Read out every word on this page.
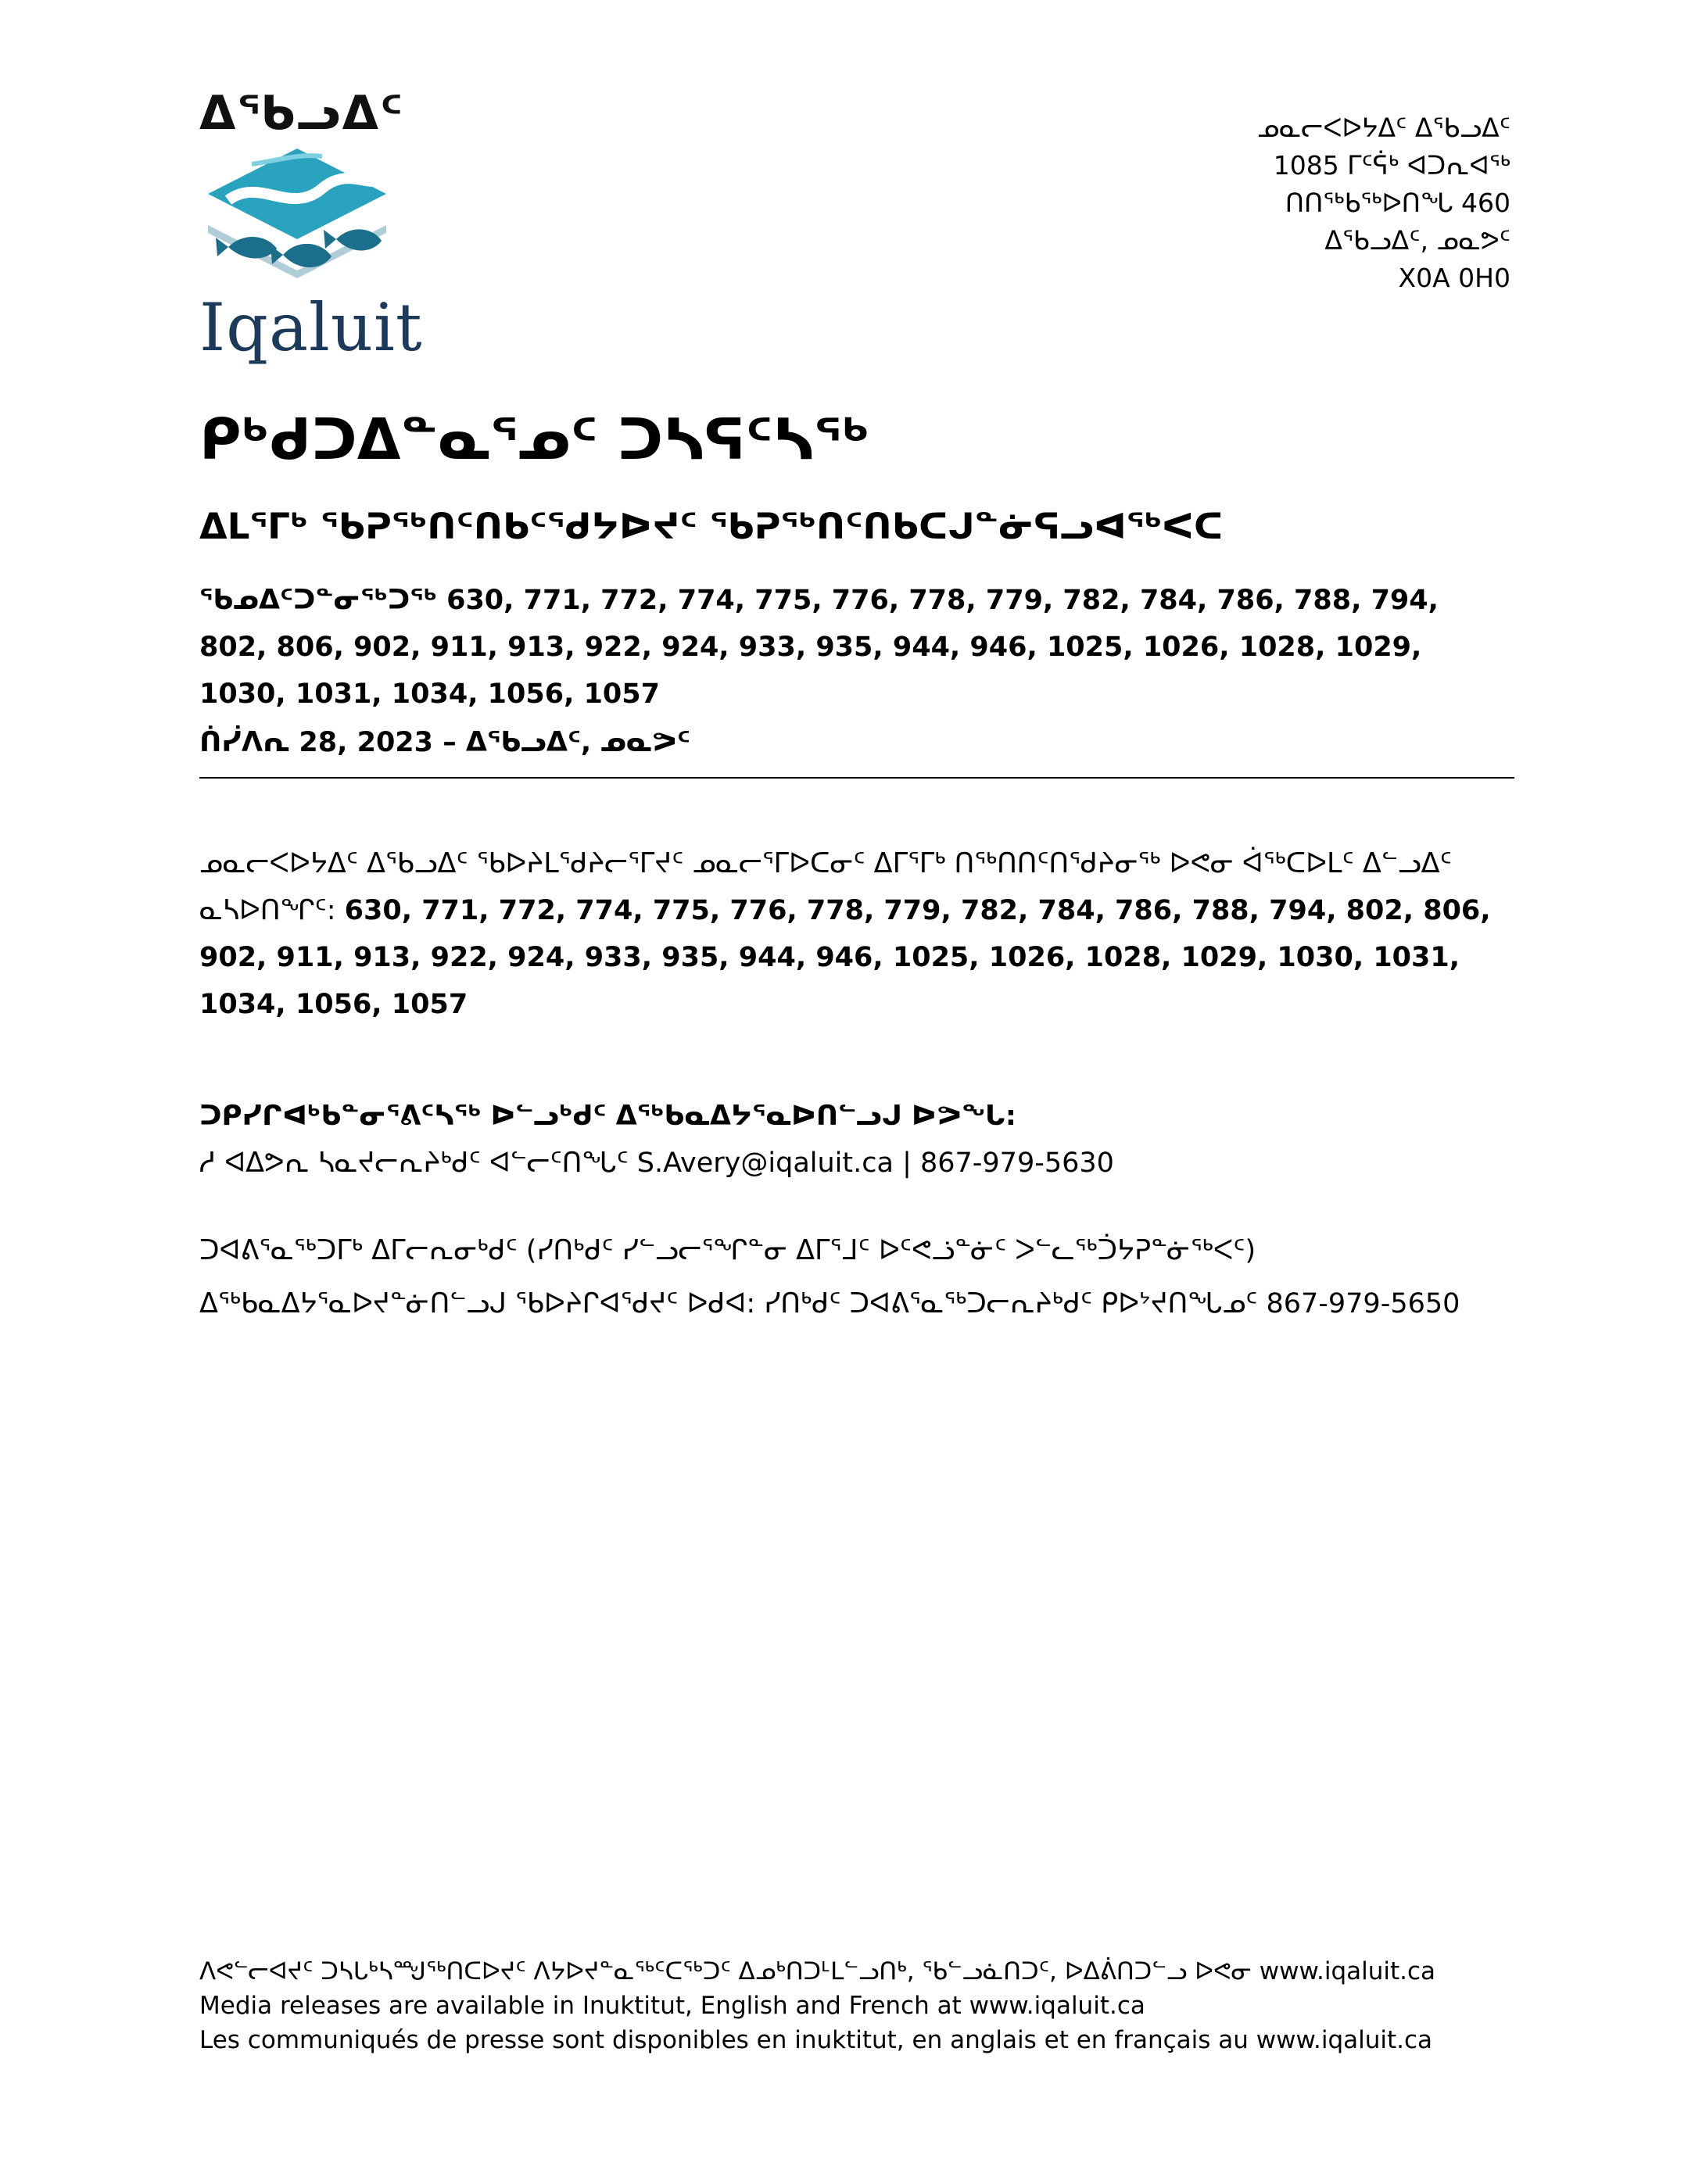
ᐃᖃᓗᐃᑦ
Iqaluit
ᓄᓇᓕᐸᐅᔭᐃᑦ ᐃᖃᓗᐃᑦ
1085 ᒥᑦᕌᒃ ᐊᑐᕆᐊᖅ
ᑎᑎᖅᑲᖅᐅᑎᖓ 460
ᐃᖃᓗᐃᑦ, ᓄᓇᕗᑦ
X0A 0H0
ᑭᒃᑯᑐᐃᓐᓇᕐᓄᑦ ᑐᓴᕋᑦᓴᖅ
ᐃᒪᕐᒥᒃ ᖃᕈᖅᑎᑦᑎᑲᑦᕐᑯᔭᐅᔪᑦ ᖃᕈᖅᑎᑦᑎᑲᑕᒍᓐᓃᕋᓗᐊᖅᐸᑕ
ᖃᓄᐃᑦᑐᓐᓂᖅᑐᖅ 630, 771, 772, 774, 775, 776, 778, 779, 782, 784, 786, 788, 794, 802, 806, 902, 911, 913, 922, 924, 933, 935, 944, 946, 1025, 1026, 1028, 1029, 1030, 1031, 1034, 1056, 1057
ᑏᓰᐱᕆ 28, 2023 – ᐃᖃᓗᐃᑦ, ᓄᓇᕗᑦ
ᓄᓇᓕᐸᐅᔭᐃᑦ ᐃᖃᓗᐃᑦ ᖃᐅᔨᒪᕐᑯᔨᓕᕐᒥᔪᑦ ᓄᓇᓕᕐᒥᐅᑕᓂᑦ ᐃᒥᕐᒥᒃ ᑎᖅᑎᑎᑦᑎᕐᑯᔨᓂᖅ ᐅᕙᓂ ᐋᖅᑕᐅᒪᑦ ᐃᓪᓗᐃᑦ ᓇᓴᐅᑎᖏᑦ: 630, 771, 772, 774, 775, 776, 778, 779, 782, 784, 786, 788, 794, 802, 806, 902, 911, 913, 922, 924, 933, 935, 944, 946, 1025, 1026, 1028, 1029, 1030, 1031, 1034, 1056, 1057
ᑐᑭᓯᒋᐊᒃᑲᓐᓂᕐᕕᑦᓴᖅ ᐅᓪᓗᒃᑯᑦ ᐃᖅᑲᓇᐃᔭᕐᓇᐅᑎᓪᓗᒍ ᐅᕗᖓ:
ᓱ ᐊᐃᕗᕆ ᓴᓇᔪᓕᕆᔨᒃᑯᑦ ᐊᓪᓕᑦᑎᖓᑦ S.Avery@iqaluit.ca | 867-979-5630
ᑐᐊᕕᕐᓇᖅᑐᒥᒃ ᐃᒥᓕᕆᓂᒃᑯᑦ (ᓯᑎᒃᑯᑦ ᓯᓪᓗᓕᕐᖏᓐᓂ ᐃᒥᕐᒧᑦ ᐅᑦᕙᓘᓐᓃᑦ ᐳᓪᓚᖅᑑᔭᕈᓐᓃᖅᐸᑦ)
ᐃᖅᑲᓇᐃᔭᕐᓇᐅᔪᓐᓃᑎᓪᓗᒍ ᖃᐅᔨᒋᐊᕐᑯᔪᑦ ᐅᑯᐊ: ᓯᑎᒃᑯᑦ ᑐᐊᕕᕐᓇᖅᑐᓕᕆᔨᒃᑯᑦ ᑭᐅᔾᔪᑎᖓᓄᑦ 867-979-5650
ᐱᕙᓪᓕᐊᔪᑦ ᑐᓴᒐᒃᓴᙳᖅᑎᑕᐅᔪᑦ ᐱᔭᐅᔪᓐᓇᖅᑦᑕᖅᑐᑦ ᐃᓄᒃᑎᑐᒻᒪᓪᓗᑎᒃ, ᖃᓪᓗᓈᑎᑐᑦ, ᐅᐃᕖᑎᑐᓪᓗ ᐅᕙᓂ www.iqaluit.ca
Media releases are available in Inuktitut, English and French at www.iqaluit.ca
Les communiqués de presse sont disponibles en inuktitut, en anglais et en français au www.iqaluit.ca
